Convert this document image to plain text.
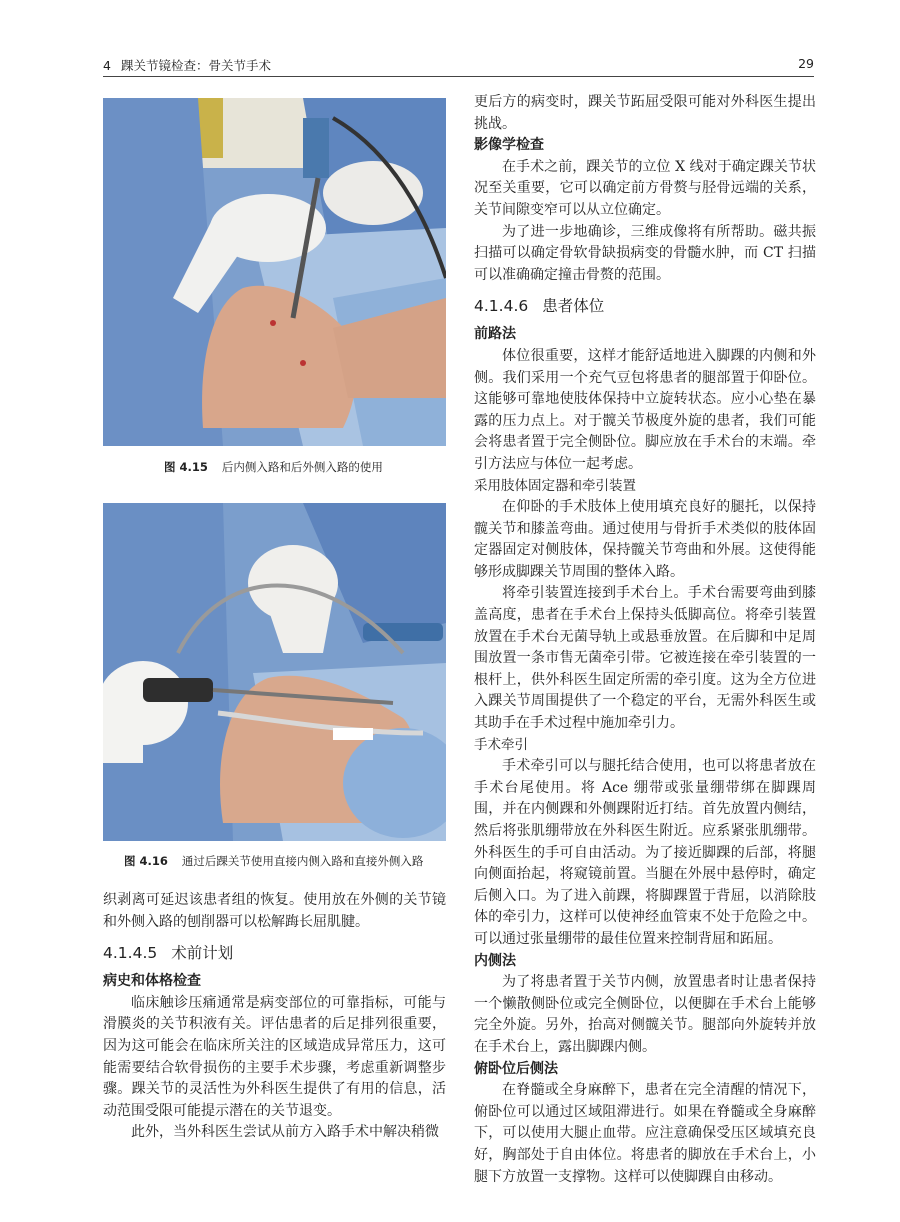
4 踝关节镜检查：骨关节手术	29
图 4.15 后内侧入路和后外侧入路的使用
图 4.16 通过后踝关节使用直接内侧入路和直接外侧入路

织剥离可延迟该患者组的恢复。使用放在外侧的关节镜和外侧入路的刨削器可以松解踇长屈肌腱。

4.1.4.5 术前计划
病史和体格检查

临床触诊压痛通常是病变部位的可靠指标，可能与滑膜炎的关节积液有关。评估患者的后足排列很重要，因为这可能会在临床所关注的区域造成异常压力，这可能需要结合软骨损伤的主要手术步骤，考虑重新调整步骤。踝关节的灵活性为外科医生提供了有用的信息，活动范围受限可能提示潜在的关节退变。

此外，当外科医生尝试从前方入路手术中解决稍微

更后方的病变时，踝关节跖屈受限可能对外科医生提出挑战。

影像学检查

在手术之前，踝关节的立位 X 线对于确定踝关节状况至关重要，它可以确定前方骨赘与胫骨远端的关系，关节间隙变窄可以从立位确定。

为了进一步地确诊，三维成像将有所帮助。磁共振扫描可以确定骨软骨缺损病变的骨髓水肿，而 CT 扫描可以准确确定撞击骨赘的范围。

4.1.4.6 患者体位
前路法

体位很重要，这样才能舒适地进入脚踝的内侧和外侧。我们采用一个充气豆包将患者的腿部置于仰卧位。这能够可靠地使肢体保持中立旋转状态。应小心垫在暴露的压力点上。对于髋关节极度外旋的患者，我们可能会将患者置于完全侧卧位。脚应放在手术台的末端。牵引方法应与体位一起考虑。

采用肢体固定器和牵引装置

在仰卧的手术肢体上使用填充良好的腿托，以保持髋关节和膝盖弯曲。通过使用与骨折手术类似的肢体固定器固定对侧肢体，保持髋关节弯曲和外展。这使得能够形成脚踝关节周围的整体入路。

将牵引装置连接到手术台上。手术台需要弯曲到膝盖高度，患者在手术台上保持头低脚高位。将牵引装置放置在手术台无菌导轨上或悬垂放置。在后脚和中足周围放置一条市售无菌牵引带。它被连接在牵引装置的一根杆上，供外科医生固定所需的牵引度。这为全方位进入踝关节周围提供了一个稳定的平台，无需外科医生或其助手在手术过程中施加牵引力。

手术牵引

手术牵引可以与腿托结合使用，也可以将患者放在手术台尾使用。将 Ace 绷带或张量绷带绑在脚踝周围，并在内侧踝和外侧踝附近打结。首先放置内侧结，然后将张肌绷带放在外科医生附近。应系紧张肌绷带。外科医生的手可自由活动。为了接近脚踝的后部，将腿向侧面抬起，将窥镜前置。当腿在外展中悬停时，确定后侧入口。为了进入前踝，将脚踝置于背屈，以消除肢体的牵引力，这样可以使神经血管束不处于危险之中。可以通过张量绷带的最佳位置来控制背屈和跖屈。

内侧法

为了将患者置于关节内侧，放置患者时让患者保持一个懒散侧卧位或完全侧卧位，以便脚在手术台上能够完全外旋。另外，抬高对侧髋关节。腿部向外旋转并放在手术台上，露出脚踝内侧。

俯卧位后侧法

在脊髓或全身麻醉下，患者在完全清醒的情况下，俯卧位可以通过区域阻滞进行。如果在脊髓或全身麻醉下，可以使用大腿止血带。应注意确保受压区域填充良好，胸部处于自由体位。将患者的脚放在手术台上，小腿下方放置一支撑物。这样可以使脚踝自由移动。
